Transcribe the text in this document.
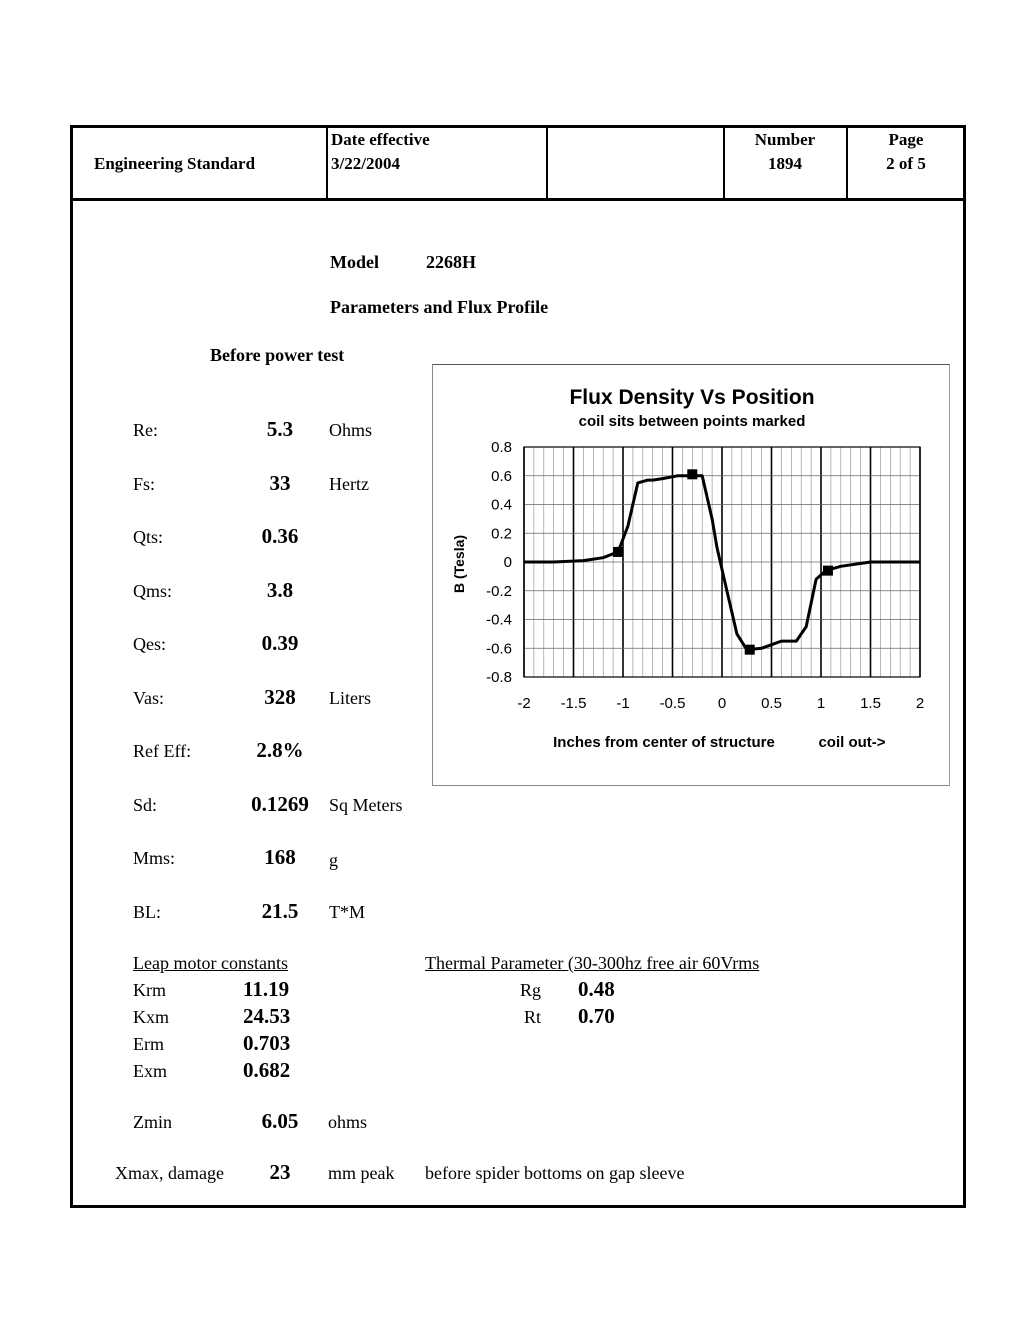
Engineering Standard
Date effective
3/22/2004
Number
1894
Page
2 of 5
Model	2268H
Parameters and Flux Profile
Before power test
Re:	5.3	Ohms
Fs:	33	Hertz
Qts:	0.36
Qms:	3.8
Qes:	0.39
Vas:	328	Liters
Ref Eff:	2.8%
Sd:	0.1269	Sq Meters
Mms:	168	g
BL:	21.5	T*M
Leap motor constants
Krm	11.19
Kxm	24.53
Erm	0.703
Exm	0.682
Thermal Parameter (30-300hz free air 60Vrms
Rg 0.48
Rt 0.70
Zmin	6.05	ohms
Xmax, damage	23	mm peak before spider bottoms on gap sleeve
Flux Density Vs Position
coil sits between points marked
0.8
0.6
0.4
0.2
0
-0.2
-0.4
-0.6
-0.8
-2 -1.5 -1 -0.5 0 0.5 1 1.5 2
B (Tesla)
Inches from center of structure	coil out->
